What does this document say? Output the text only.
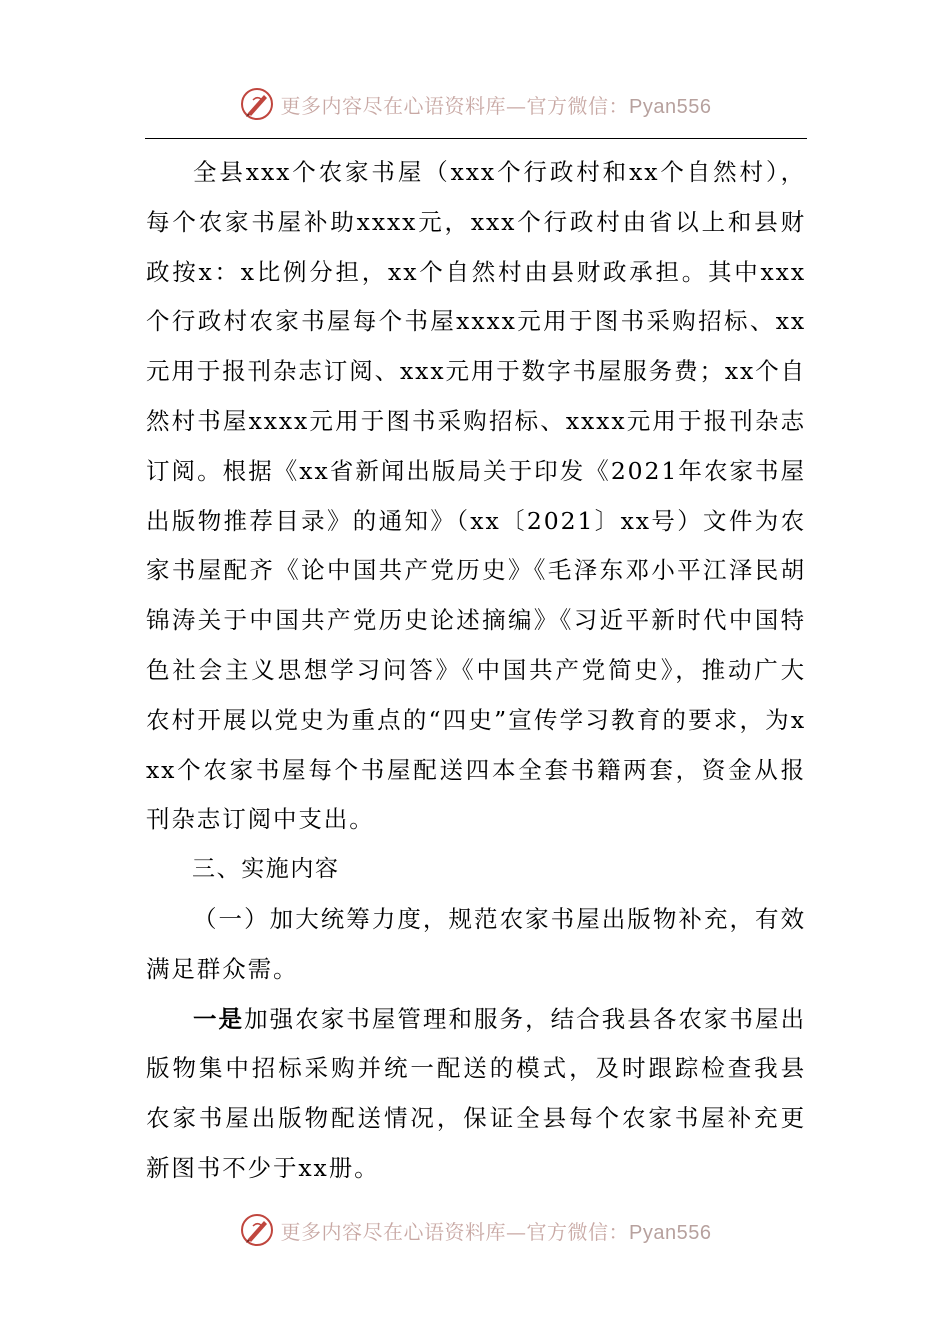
更多内容尽在心语资料库—官方微信：Pyan556

全县xxx个农家书屋（xxx个行政村和xx个自然村），每个农家书屋补助xxxx元，xxx个行政村由省以上和县财政按x：x比例分担，xx个自然村由县财政承担。其中xxx个行政村农家书屋每个书屋xxxx元用于图书采购招标、xx元用于报刊杂志订阅、xxx元用于数字书屋服务费；xx个自然村书屋xxxx元用于图书采购招标、xxxx元用于报刊杂志订阅。根据《xx省新闻出版局关于印发《2021年农家书屋出版物推荐目录》的通知》（xx〔2021〕xx号）文件为农家书屋配齐《论中国共产党历史》《毛泽东邓小平江泽民胡锦涛关于中国共产党历史论述摘编》《习近平新时代中国特色社会主义思想学习问答》《中国共产党简史》，推动广大农村开展以党史为重点的“四史”宣传学习教育的要求，为xxx个农家书屋每个书屋配送四本全套书籍两套，资金从报刊杂志订阅中支出。

三、实施内容

（一）加大统筹力度，规范农家书屋出版物补充，有效满足群众需。

一是加强农家书屋管理和服务，结合我县各农家书屋出版物集中招标采购并统一配送的模式，及时跟踪检查我县农家书屋出版物配送情况，保证全县每个农家书屋补充更新图书不少于xx册。

更多内容尽在心语资料库—官方微信：Pyan556
